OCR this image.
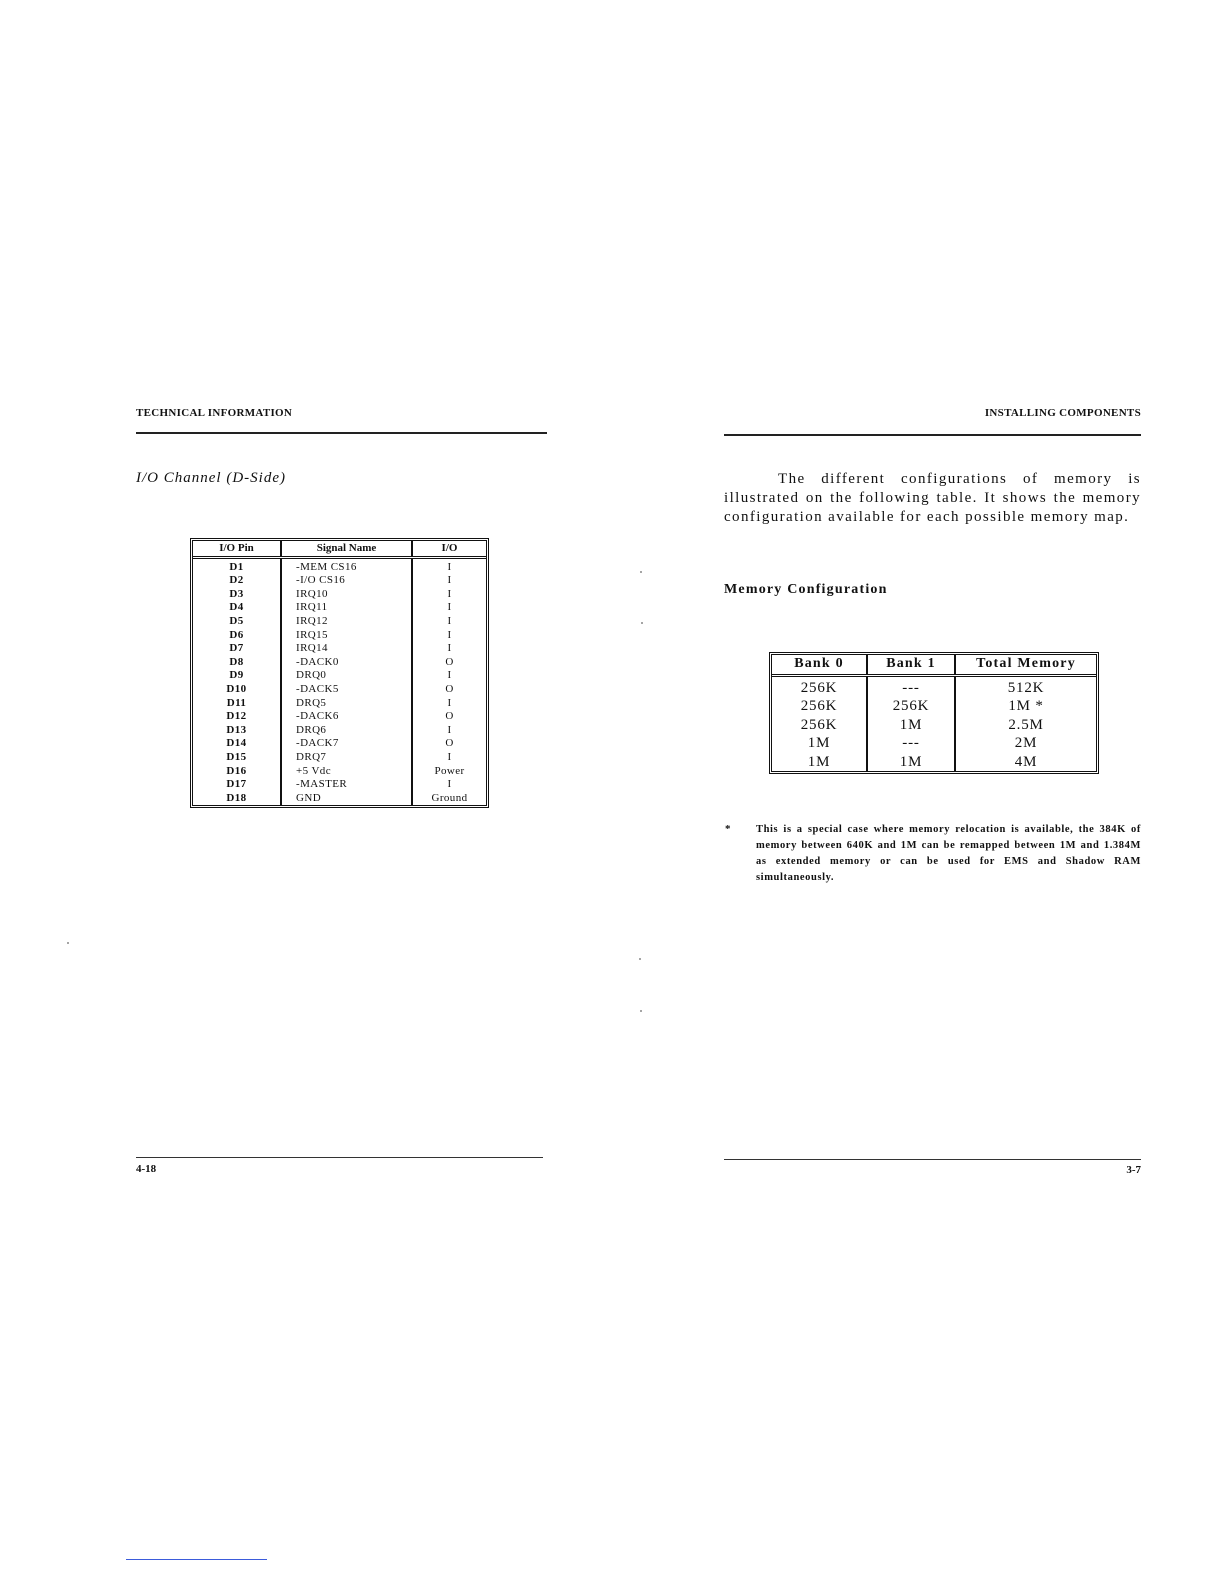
TECHNICAL INFORMATION
I/O Channel (D-Side)
I/O Pin	Signal Name	I/O
D1	-MEM CS16	I
D2	-I/O CS16	I
D3	IRQ10	I
D4	IRQ11	I
D5	IRQ12	I
D6	IRQ15	I
D7	IRQ14	I
D8	-DACK0	O
D9	DRQ0	I
D10	-DACK5	O
D11	DRQ5	I
D12	-DACK6	O
D13	DRQ6	I
D14	-DACK7	O
D15	DRQ7	I
D16	+5 Vdc	Power
D17	-MASTER	I
D18	GND	Ground
4-18
INSTALLING COMPONENTS
The different configurations of memory is illustrated on the following table. It shows the memory configuration available for each possible memory map.
Memory Configuration
Bank 0	Bank 1	Total Memory
256K	---	512K
256K	256K	1M *
256K	1M	2.5M
1M	---	2M
1M	1M	4M
* This is a special case where memory relocation is available, the 384K of memory between 640K and 1M can be remapped between 1M and 1.384M as extended memory or can be used for EMS and Shadow RAM simultaneously.
3-7
